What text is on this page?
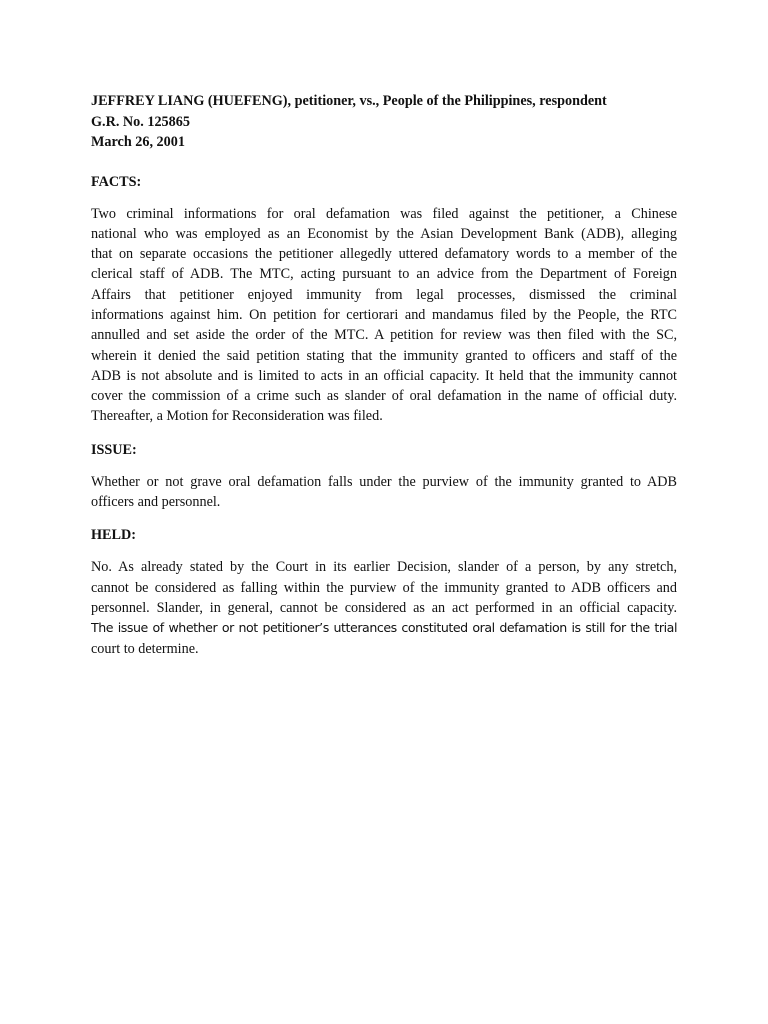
JEFFREY LIANG (HUEFENG), petitioner, vs., People of the Philippines, respondent

G.R. No. 125865

March 26, 2001

FACTS:

Two criminal informations for oral defamation was filed against the petitioner, a Chinese
national who was employed as an Economist by the Asian Development Bank (ADB), alleging
that on separate occasions the petitioner allegedly uttered defamatory words to a member of the
clerical staff of ADB. The MTC, acting pursuant to an advice from the Department of Foreign
Affairs that petitioner enjoyed immunity from legal processes, dismissed the criminal
informations against him. On petition for certiorari and mandamus filed by the People, the RTC
annulled and set aside the order of the MTC. A petition for review was then filed with the SC,
wherein it denied the said petition stating that the immunity granted to officers and staff of the
ADB is not absolute and is limited to acts in an official capacity. It held that the immunity cannot
cover the commission of a crime such as slander of oral defamation in the name of official duty.
Thereafter, a Motion for Reconsideration was filed.

ISSUE:

Whether or not grave oral defamation falls under the purview of the immunity granted to ADB
officers and personnel.

HELD:

No. As already stated by the Court in its earlier Decision, slander of a person, by any stretch,
cannot be considered as falling within the purview of the immunity granted to ADB officers and
personnel. Slander, in general, cannot be considered as an act performed in an official capacity.
The issue of whether or not petitioner’s utterances constituted oral defamation is still for the trial
court to determine.
